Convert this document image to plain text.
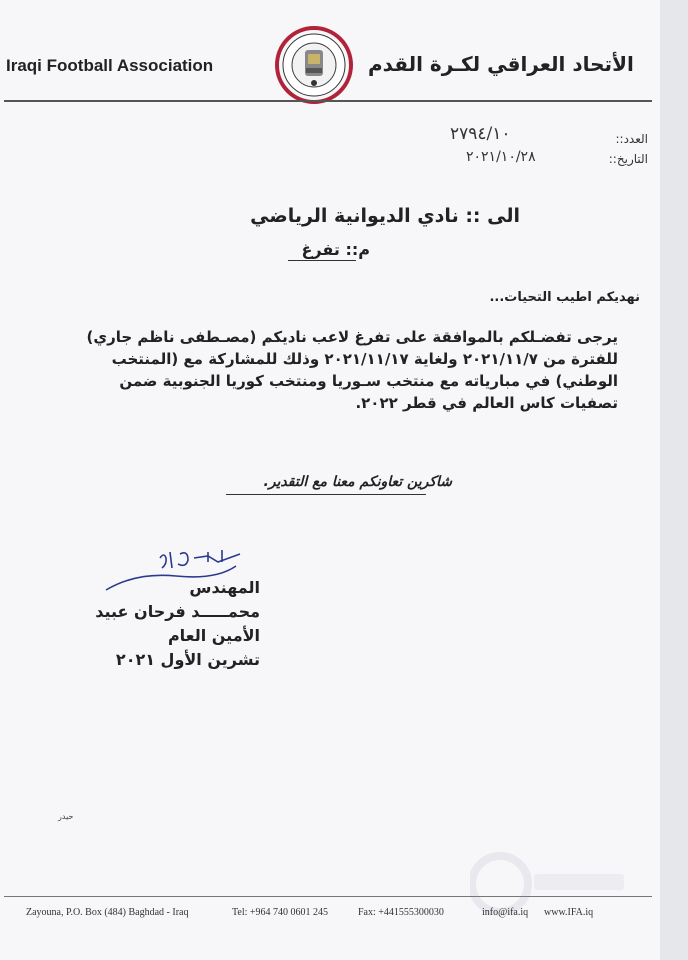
Iraqi Football Association	الأتحاد العراقي لكـرة القدم
العدد::
٢٧٩٤/١٠
التاريخ::
٢٠٢١/١٠/٢٨
الى :: نادي الديوانية الرياضي
م:: تفرغ
نهديكم اطيب التحيات...
يرجى تفضـلكم بالموافقة على تفرغ لاعب ناديكم (مصـطفى ناظم جاري) للفترة من ٢٠٢١/١١/٧ ولغاية ٢٠٢١/١١/١٧ وذلك للمشاركة مع (المنتخب الوطني) في مبارياته مع منتخب سـوريا ومنتخب كوريا الجنوبية ضمن تصفيات كاس العالم في قطر ٢٠٢٢.
شاكرين تعاونكم معنا مع التقدير.
المهندس
محمـــــد فرحان عبيد
الأمين العام
تشرين الأول ٢٠٢١
حيدر
Zayouna, P.O. Box (484) Baghdad - Iraq	Tel: +964 740 0601 245	Fax: +441555300030	info@ifa.iq www.IFA.iq
